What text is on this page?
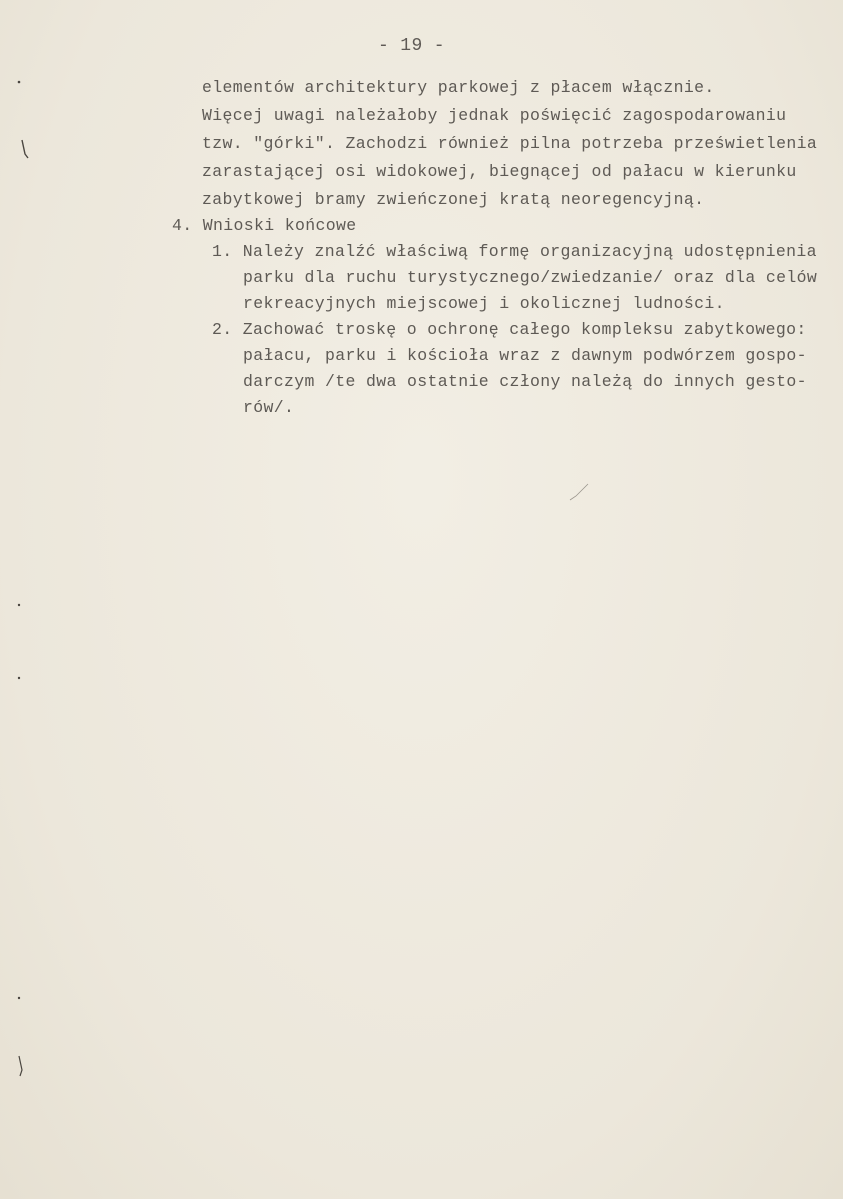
- 19 -
elementów architektury parkowej z płacem włącznie.
Więcej uwagi należałoby jednak poświęcić zagospodarowaniu
tzw. "górki". Zachodzi również pilna potrzeba prześwietlenia
zarastającej osi widokowej, biegnącej od pałacu w kierunku
zabytkowej bramy zwieńczonej kratą neoregencyjną.
4. Wnioski końcowe
1. Należy znalźć właściwą formę organizacyjną udostępnienia
parku dla ruchu turystycznego/zwiedzanie/ oraz dla celów
rekreacyjnych miejscowej i okolicznej ludności.
2. Zachować troskę o ochronę całego kompleksu zabytkowego:
pałacu, parku i kościoła wraz z dawnym podwórzem gospo-
darczym /te dwa ostatnie człony należą do innych gesto-
rów/.
